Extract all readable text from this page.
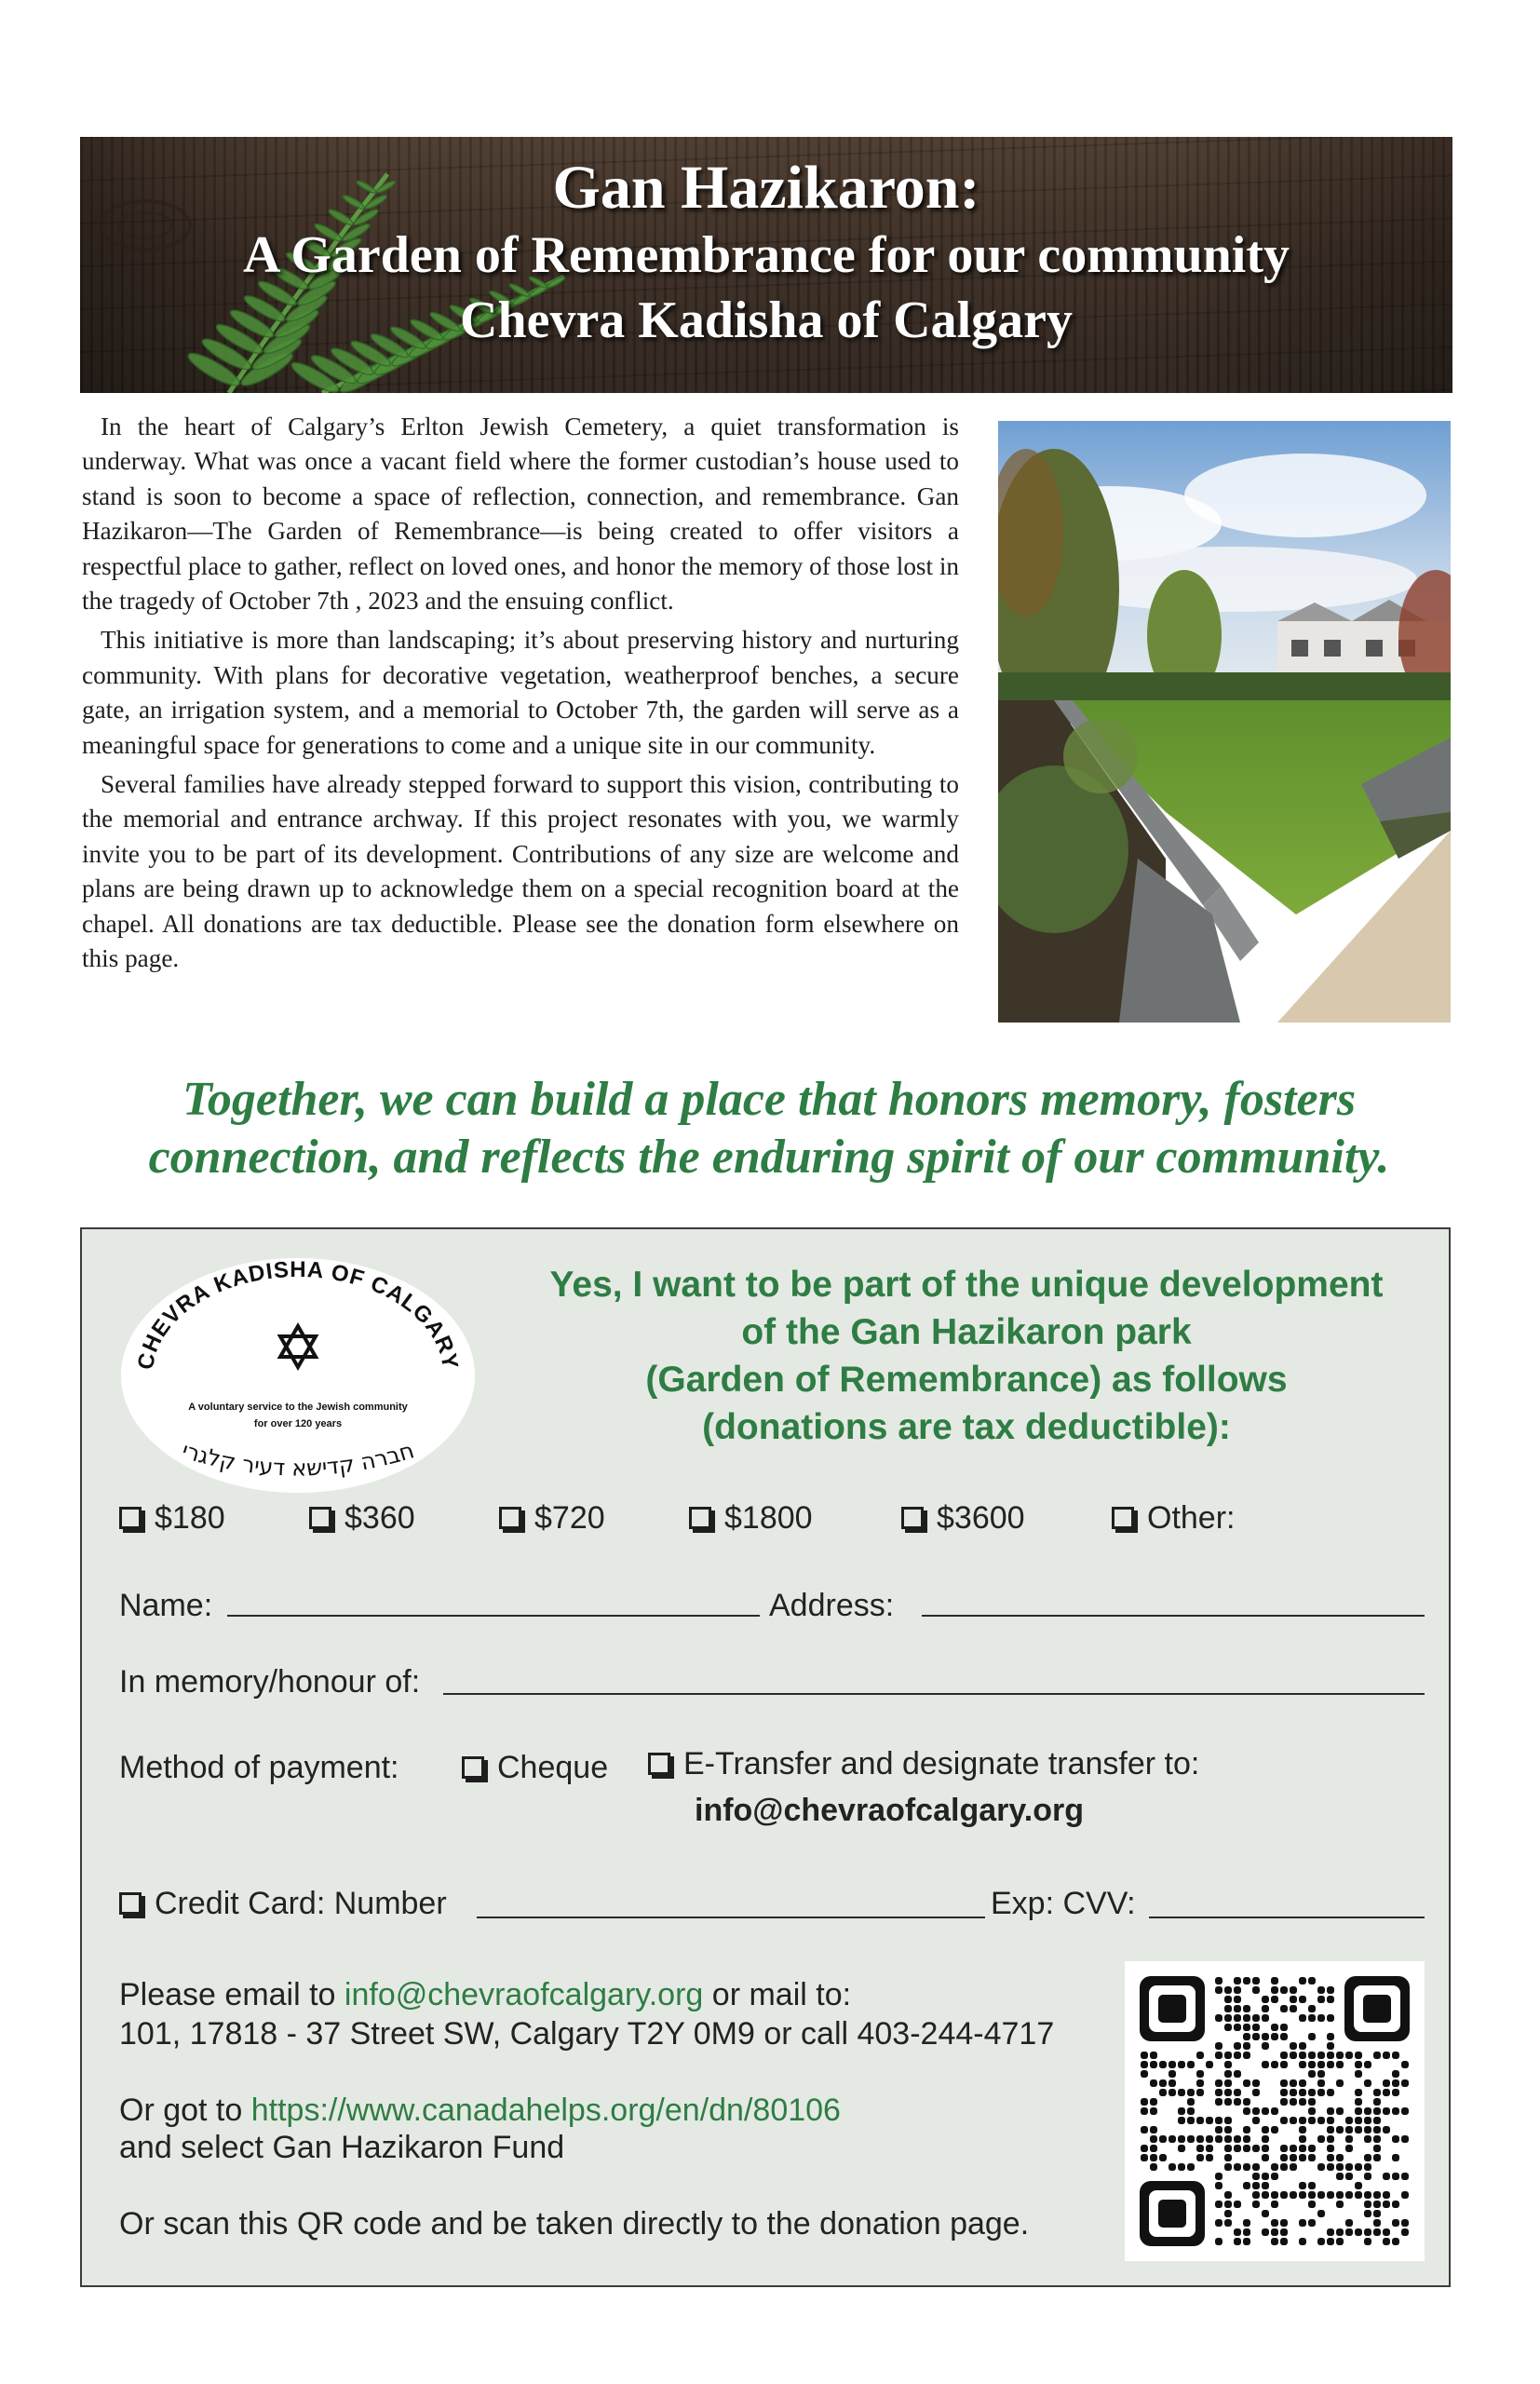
Gan Hazikaron:
A Garden of Remembrance for our community
Chevra Kadisha of Calgary

In the heart of Calgary’s Erlton Jewish Cemetery, a quiet transformation is underway. What was once a vacant field where the former custodian’s house used to stand is soon to become a space of reflection, connection, and remembrance. Gan Hazikaron—The Garden of Remembrance—is being created to offer visitors a respectful place to gather, reflect on loved ones, and honor the memory of those lost in the tragedy of October 7th , 2023 and the ensuing conflict.

This initiative is more than landscaping; it’s about preserving history and nurturing community. With plans for decorative vegetation, weatherproof benches, a secure gate, an irrigation system, and a memorial to October 7th, the garden will serve as a meaningful space for generations to come and a unique site in our community.

Several families have already stepped forward to support this vision, contributing to the memorial and entrance archway. If this project resonates with you, we warmly invite you to be part of its development. Contributions of any size are welcome and plans are being drawn up to acknowledge them on a special recognition board at the chapel. All donations are tax deductible. Please see the donation form elsewhere on this page.

Together, we can build a place that honors memory, fosters
connection, and reflects the enduring spirit of our community.
CHEVRA KADISHA OF CALGARY
A voluntary service to the Jewish community
for over 120 years
חברה קדישא דעיר קלגרי
Yes, I want to be part of the unique development
of the Gan Hazikaron park
(Garden of Remembrance) as follows
(donations are tax deductible):
$180	$360	$720	$1800	$3600	Other:
Name:	Address:
In memory/honour of:
Method of payment:	Cheque E-Transfer and designate transfer to:
info@chevraofcalgary.org
Credit Card: Number	Exp: CVV:
Please email to info@chevraofcalgary.org or mail to:
101, 17818 - 37 Street SW, Calgary T2Y 0M9 or call 403-244-4717
Or got to https://www.canadahelps.org/en/dn/80106
and select Gan Hazikaron Fund
Or scan this QR code and be taken directly to the donation page.
